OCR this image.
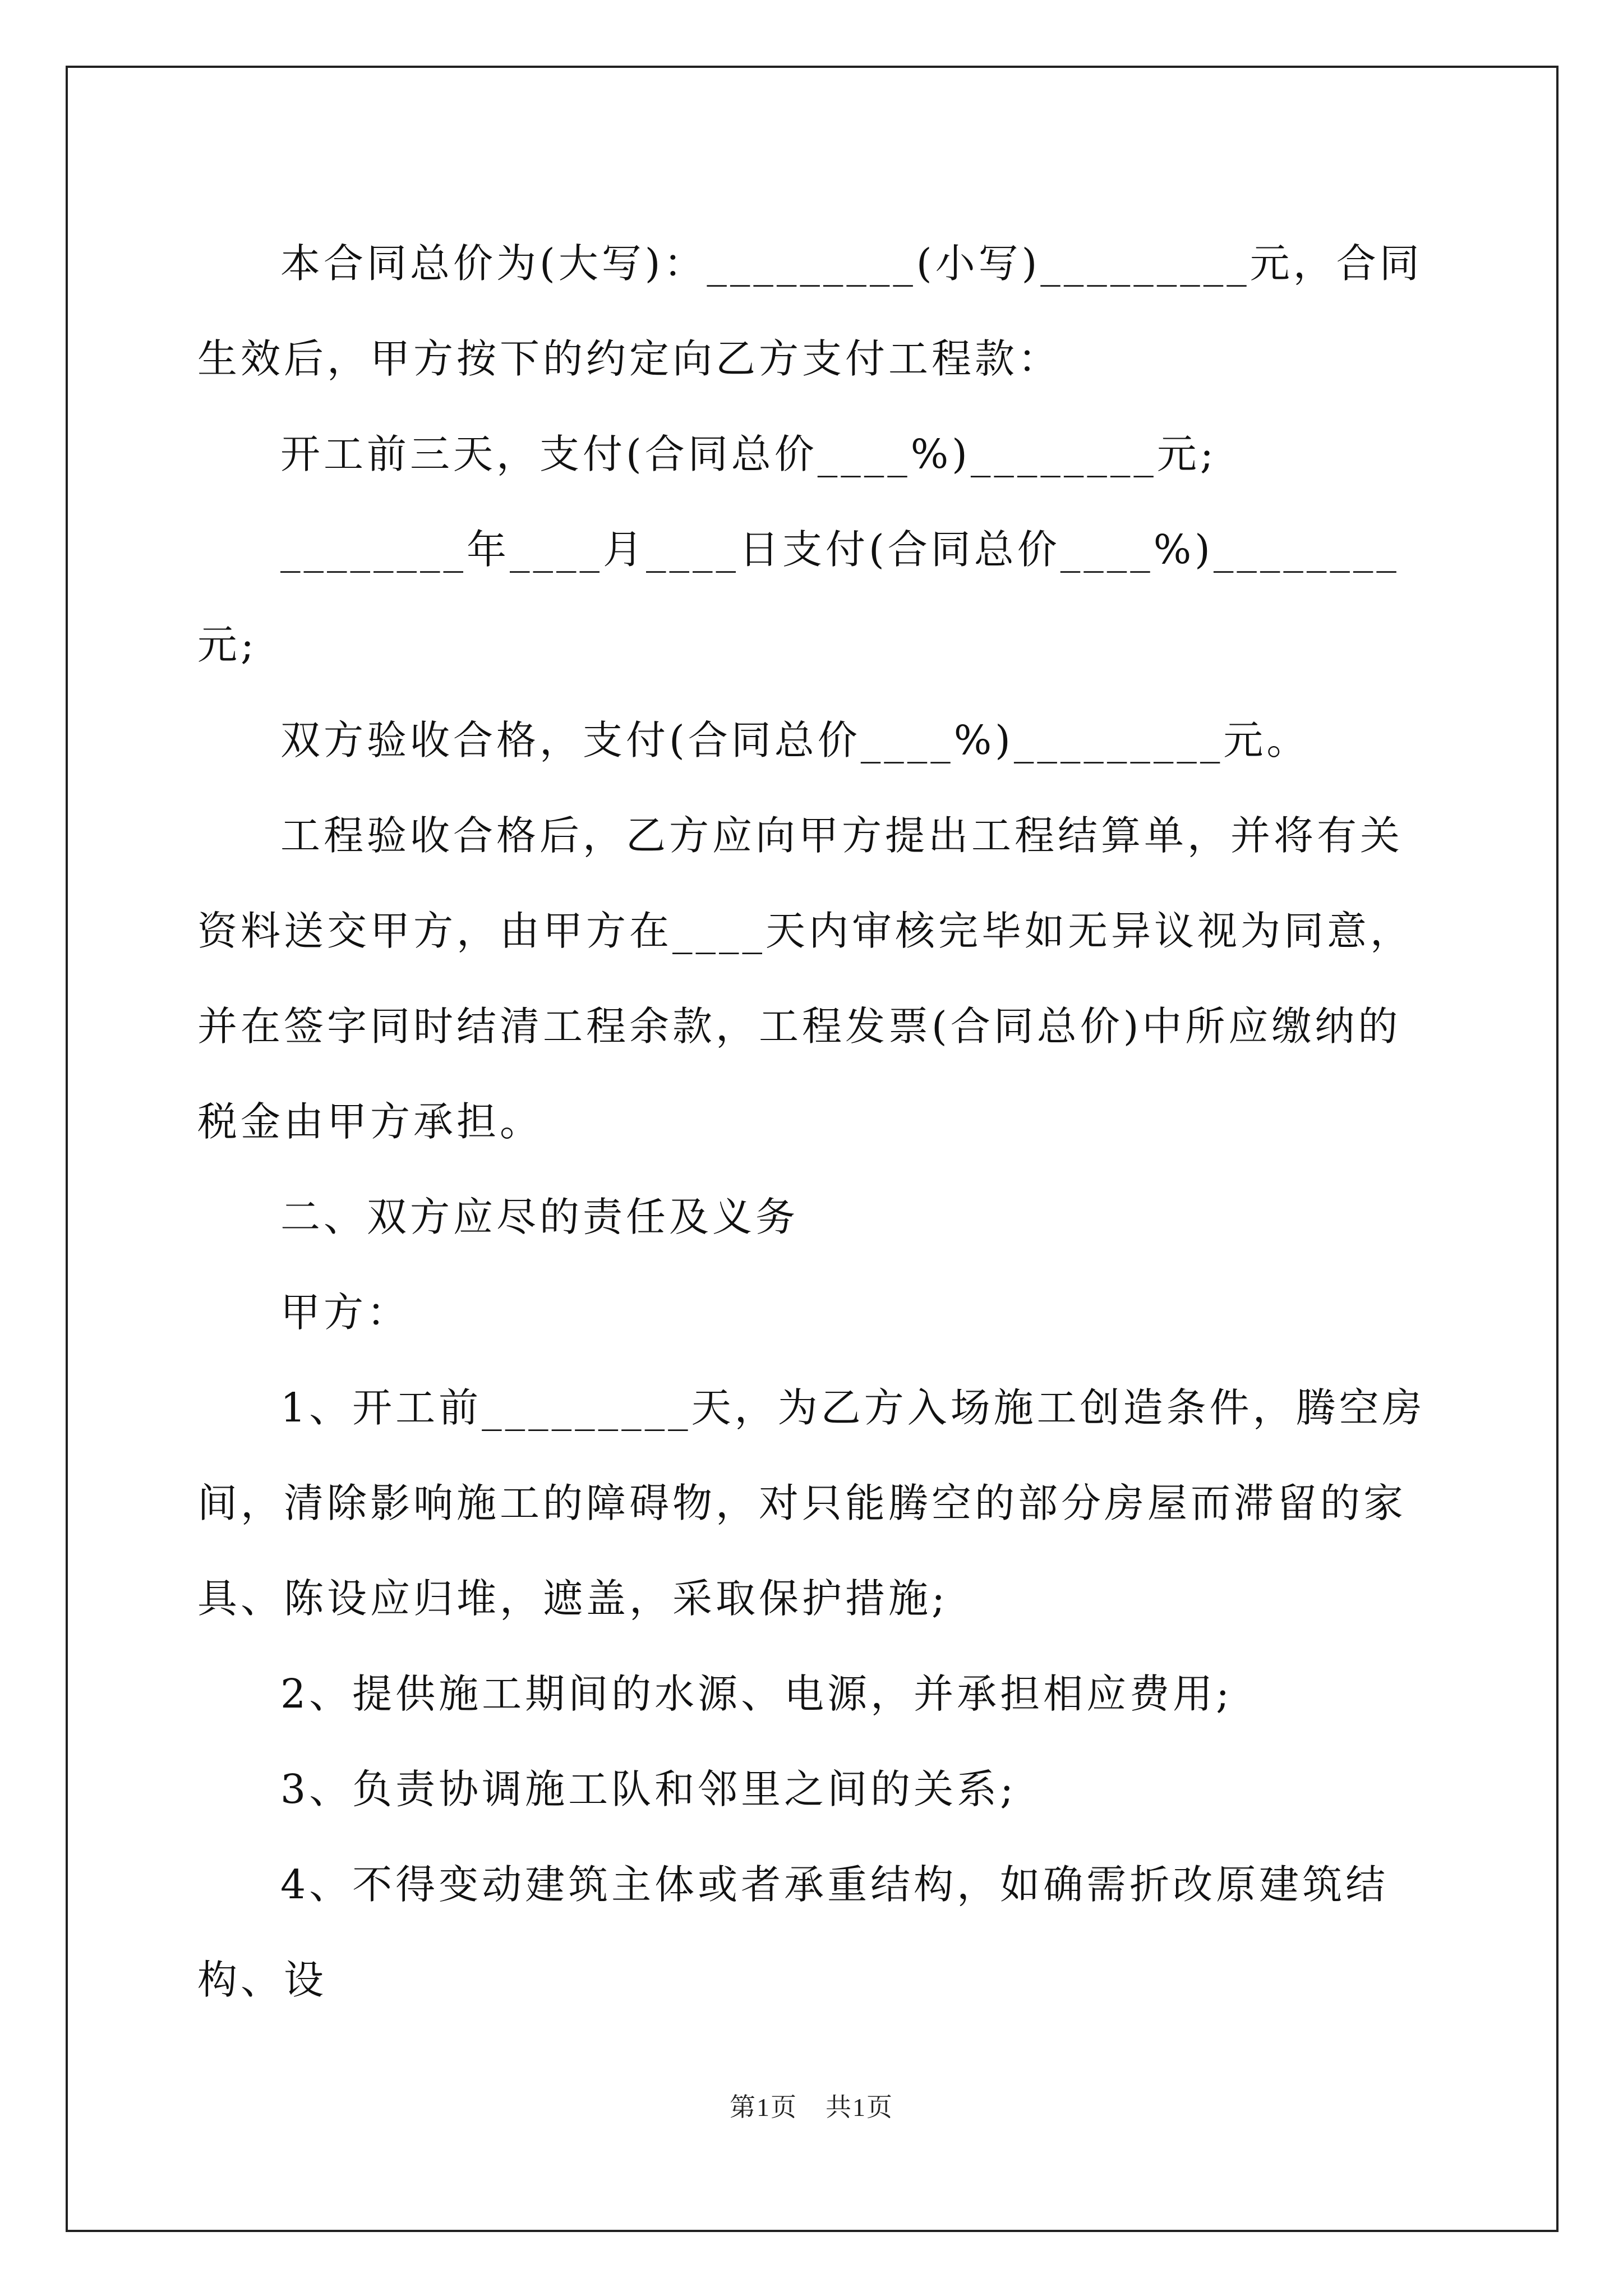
本合同总价为(大写)：_________(小写)_________元，合同生效后，甲方按下的约定向乙方支付工程款：

开工前三天，支付(合同总价____%)________元;

________年____月____日支付(合同总价____%)________元;

双方验收合格，支付(合同总价____%)_________元。

工程验收合格后，乙方应向甲方提出工程结算单，并将有关资料送交甲方，由甲方在____天内审核完毕如无异议视为同意，并在签字同时结清工程余款，工程发票(合同总价)中所应缴纳的税金由甲方承担。

二、双方应尽的责任及义务

甲方：

1、开工前_________天，为乙方入场施工创造条件，腾空房间，清除影响施工的障碍物，对只能腾空的部分房屋而滞留的家具、陈设应归堆，遮盖，采取保护措施;

2、提供施工期间的水源、电源，并承担相应费用;

3、负责协调施工队和邻里之间的关系;

4、不得变动建筑主体或者承重结构，如确需折改原建筑结构、设

第1页 共1页
